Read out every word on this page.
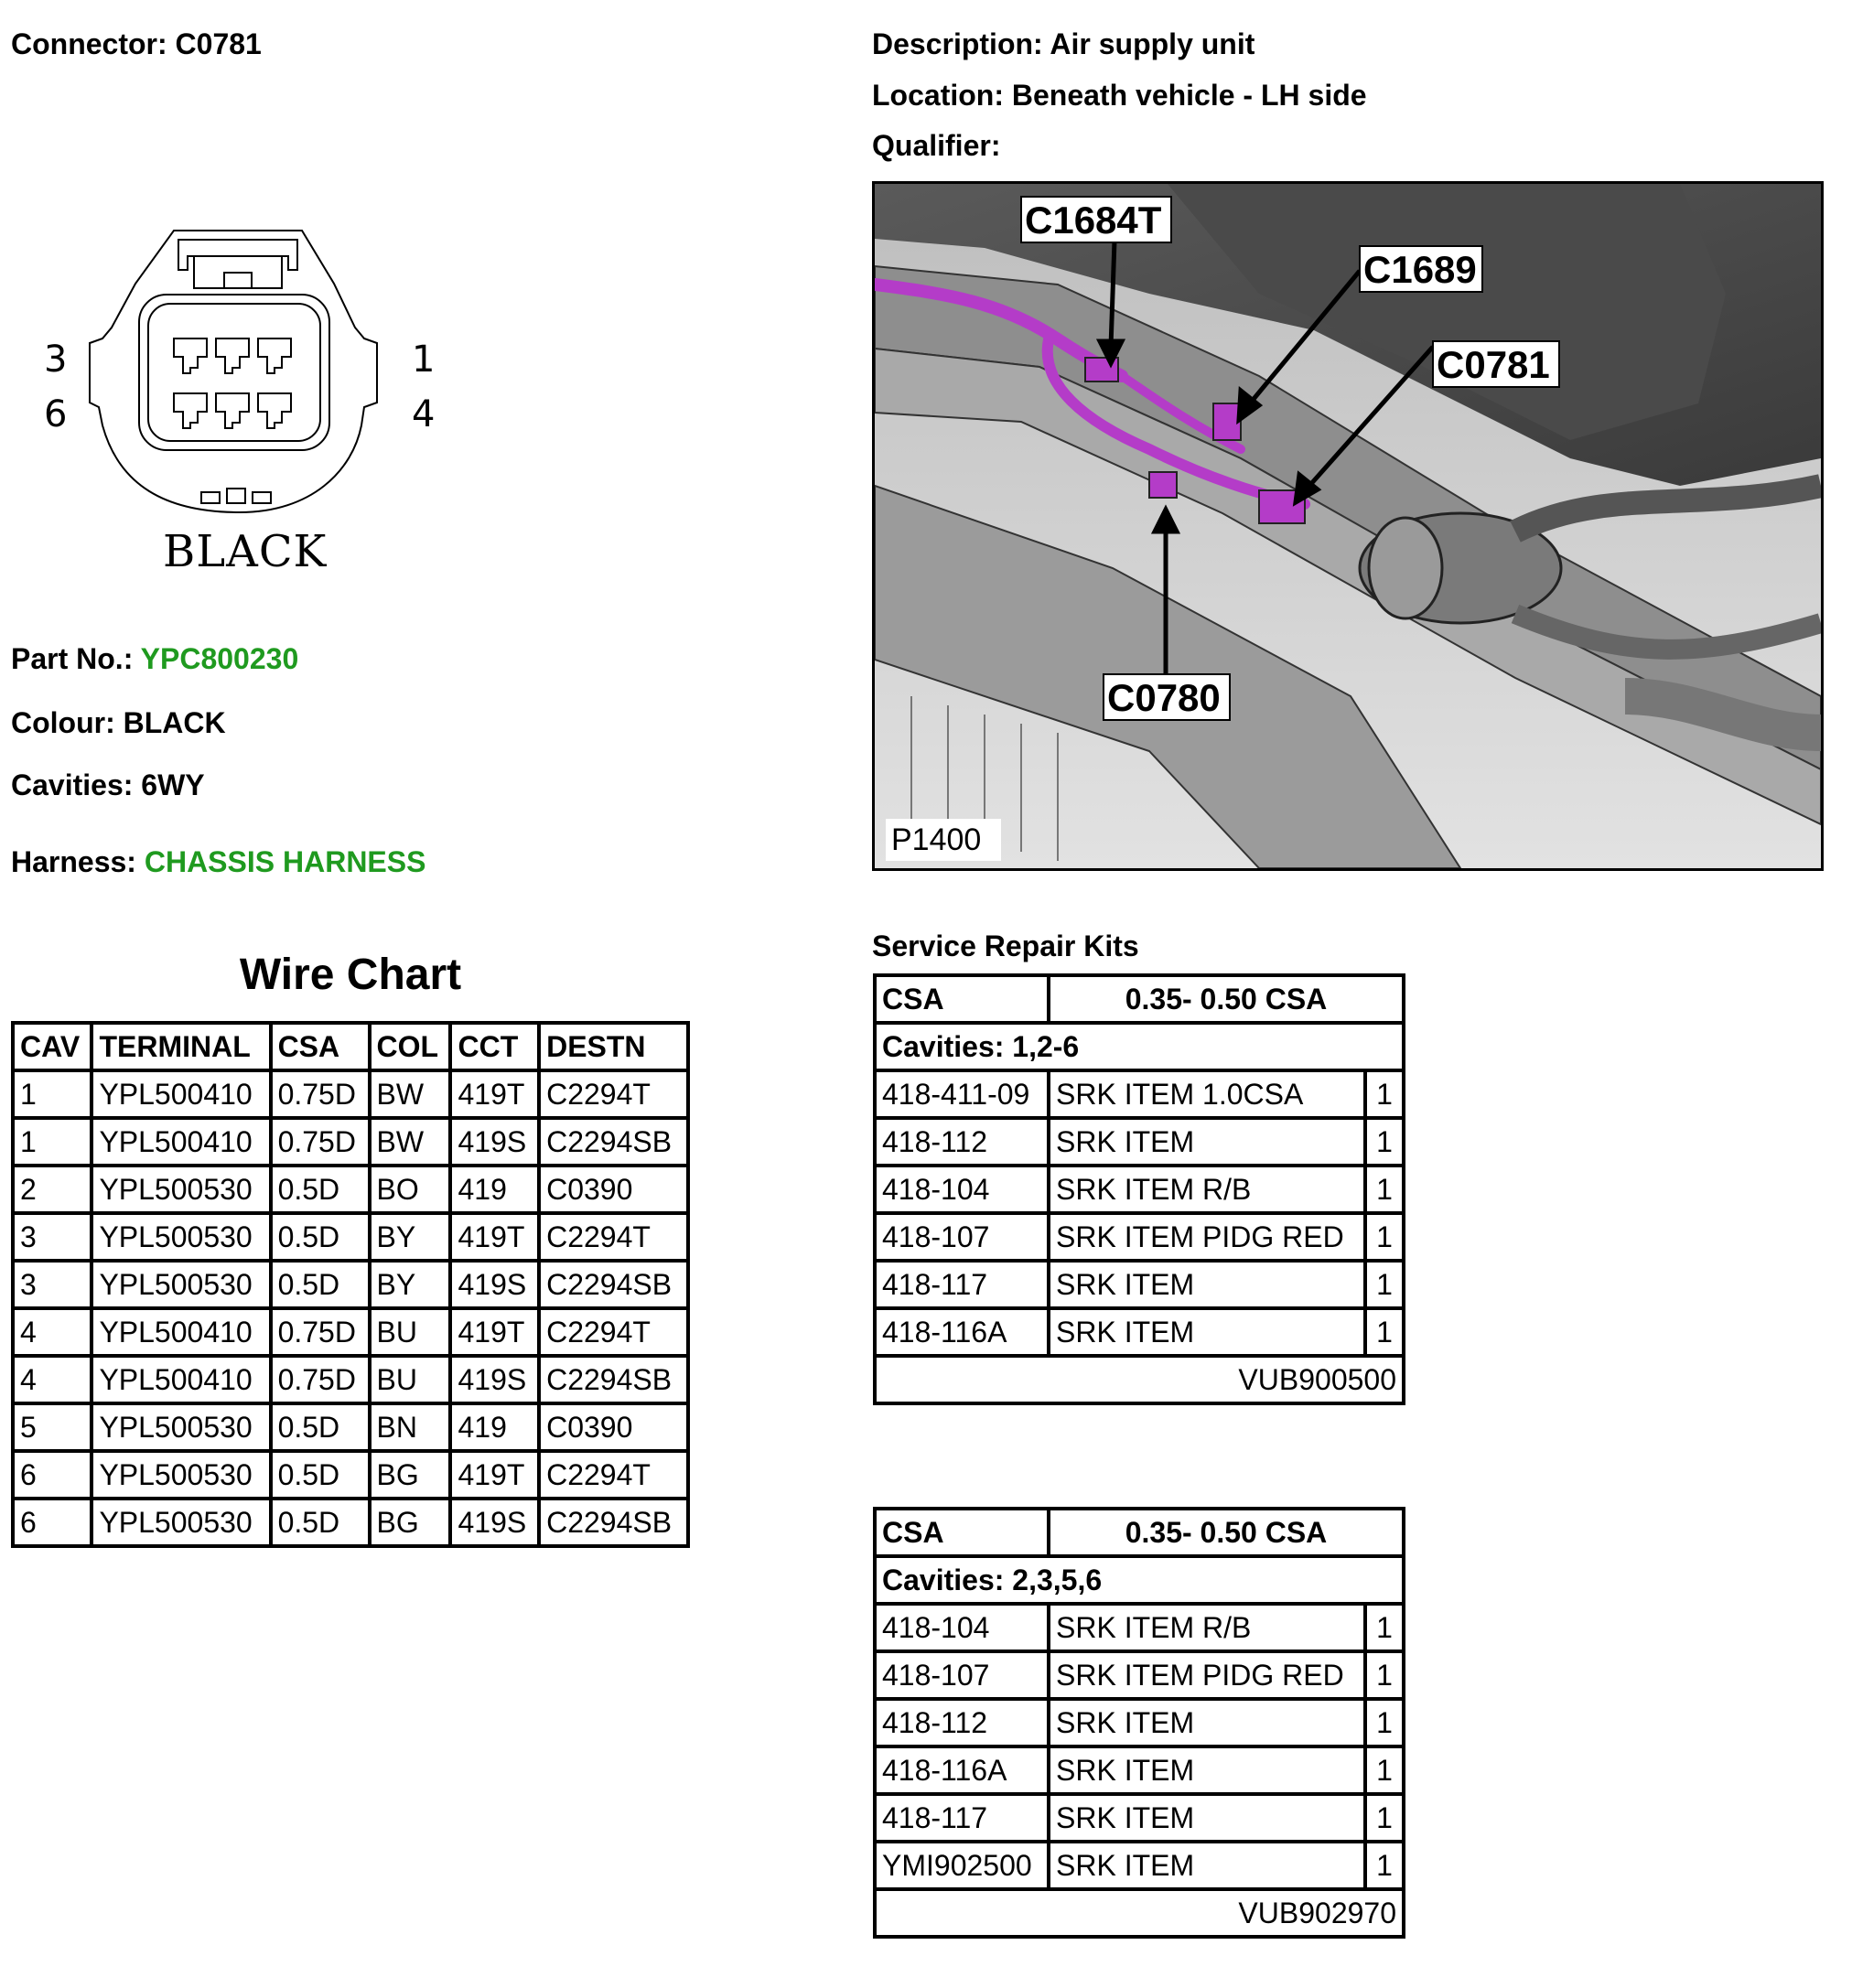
Connector: C0781	Description: Air supply unit
Location: Beneath vehicle - LH side
Qualifier:
3
6
1
4
BLACK
Part No.: YPC800230
Colour: BLACK
Cavities: 6WY
Harness: CHASSIS HARNESS
C1684T
C1689
C0781
C0780
P1400
Wire Chart
CAV	TERMINAL	CSA	COL	CCT	DESTN
1	YPL500410	0.75D	BW	419T	C2294T
1	YPL500410	0.75D	BW	419S	C2294SB
2	YPL500530	0.5D	BO	419	C0390
3	YPL500530	0.5D	BY	419T	C2294T
3	YPL500530	0.5D	BY	419S	C2294SB
4	YPL500410	0.75D	BU	419T	C2294T
4	YPL500410	0.75D	BU	419S	C2294SB
5	YPL500530	0.5D	BN	419	C0390
6	YPL500530	0.5D	BG	419T	C2294T
6	YPL500530	0.5D	BG	419S	C2294SB
Service Repair Kits
CSA	0.35- 0.50 CSA	
Cavities: 1,2-6		
418-411-09	SRK ITEM 1.0CSA	1
418-112	SRK ITEM	1
418-104	SRK ITEM R/B	1
418-107	SRK ITEM PIDG RED	1
418-117	SRK ITEM	1
418-116A	SRK ITEM	1
VUB900500		
CSA	0.35- 0.50 CSA	
Cavities: 2,3,5,6		
418-104	SRK ITEM R/B	1
418-107	SRK ITEM PIDG RED	1
418-112	SRK ITEM	1
418-116A	SRK ITEM	1
418-117	SRK ITEM	1
YMI902500	SRK ITEM	1
VUB902970		
